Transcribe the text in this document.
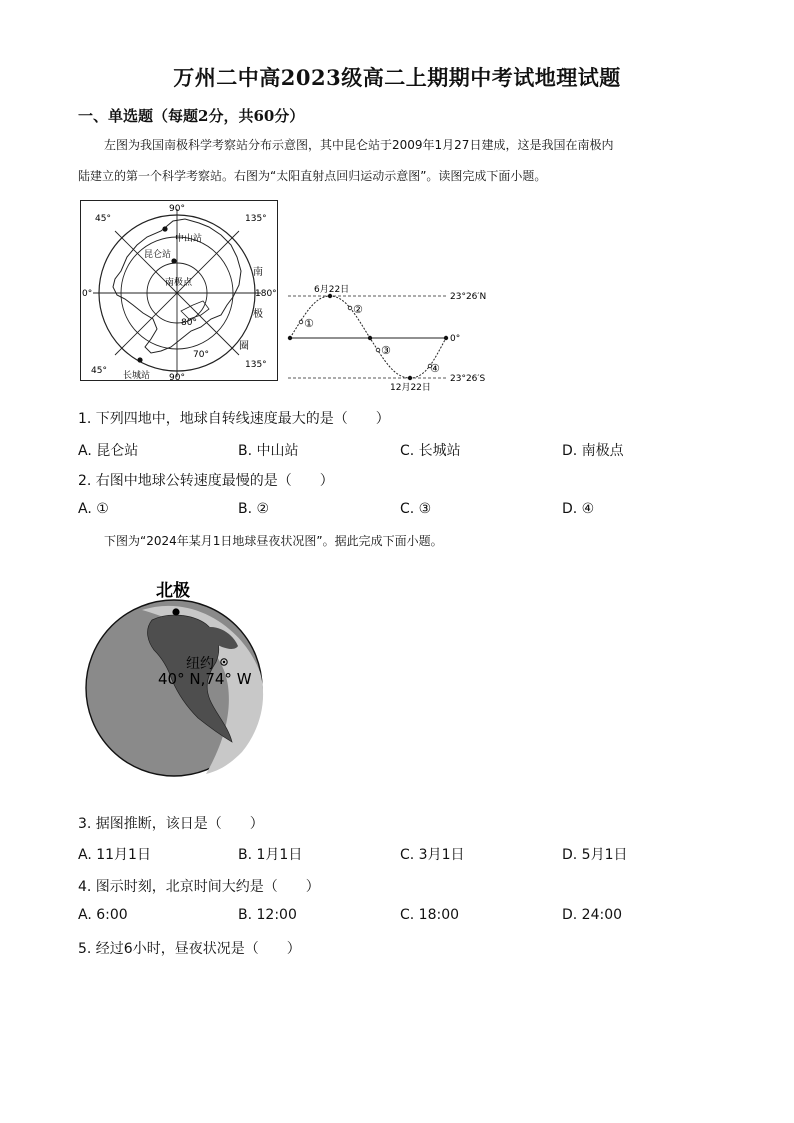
万州二中高2023级高二上期期中考试地理试题
一、单选题（每题2分，共60分）
左图为我国南极科学考察站分布示意图，其中昆仑站于2009年1月27日建成，这是我国在南极内
陆建立的第一个科学考察站。右图为“太阳直射点回归运动示意图”。读图完成下面小题。
90°
45°	135°
0°	180°
45°
135°
90°
80°
70°
中山站
昆仑站
南极点
长城站
南
极
圈
6月22日
12月22日
23°26′N
0°
23°26′S
①
②
③
④
1. 下列四地中，地球自转线速度最大的是（　　）
A. 昆仑站	B. 中山站	C. 长城站	D. 南极点
2. 右图中地球公转速度最慢的是（　　）
A. ①	B. ②	C. ③	D. ④
下图为“2024年某月1日地球昼夜状况图”。据此完成下面小题。
北极
纽约
40° N,74° W
3. 据图推断，该日是（　　）
A. 11月1日	B. 1月1日	C. 3月1日	D. 5月1日
4. 图示时刻，北京时间大约是（　　）
A. 6:00	B. 12:00	C. 18:00	D. 24:00
5. 经过6小时，昼夜状况是（　　）
